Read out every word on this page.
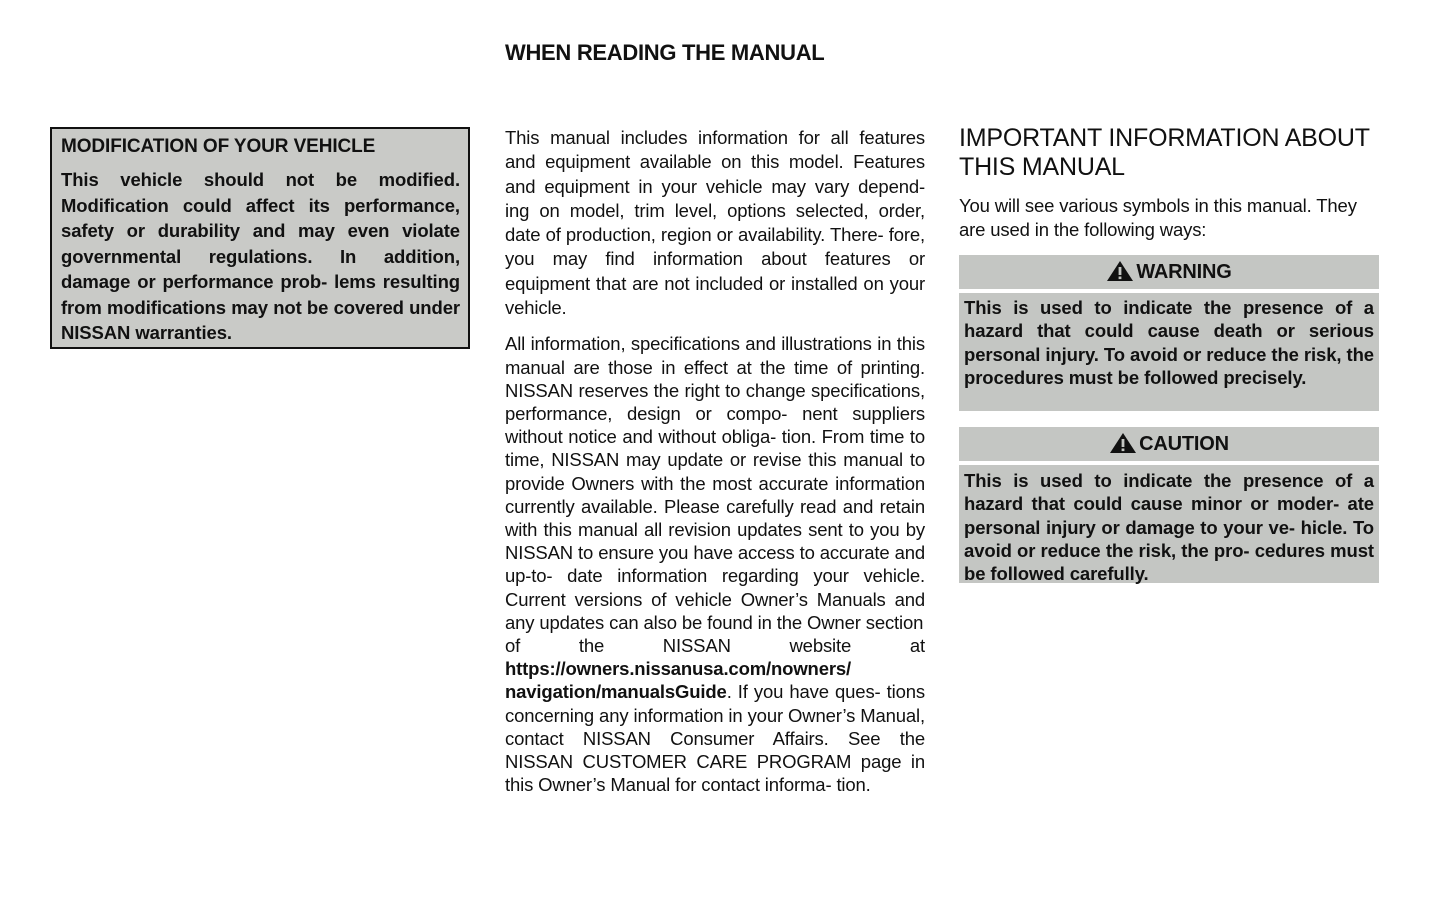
WHEN READING THE MANUAL
MODIFICATION OF YOUR VEHICLE

This vehicle should not be modified. Modification could affect its performance, safety or durability and may even violate governmental regulations. In addition, damage or performance prob- lems resulting from modifications may not be covered under NISSAN warranties.

This manual includes information for all features and equipment available on this model. Features and equipment in your vehicle may vary depend- ing on model, trim level, options selected, order, date of production, region or availability. There- fore, you may find information about features or equipment that are not included or installed on your vehicle.

All information, specifications and illustrations in this manual are those in effect at the time of printing. NISSAN reserves the right to change specifications, performance, design or compo- nent suppliers without notice and without obliga- tion. From time to time, NISSAN may update or revise this manual to provide Owners with the most accurate information currently available. Please carefully read and retain with this manual all revision updates sent to you by NISSAN to ensure you have access to accurate and up-to- date information regarding your vehicle. Current versions of vehicle Owner’s Manuals and any updates can also be found in the Owner section
of	the	NISSAN	website	at
https://owners.nissanusa.com/nowners/
navigation/manualsGuide. If you have ques- tions concerning any information in your Owner’s Manual, contact NISSAN Consumer Affairs. See the NISSAN CUSTOMER CARE PROGRAM page in this Owner’s Manual for contact informa- tion.

IMPORTANT INFORMATION ABOUT THIS MANUAL

You will see various symbols in this manual. They are used in the following ways:

WARNING
This is used to indicate the presence of a hazard that could cause death or serious personal injury. To avoid or reduce the risk, the procedures must be followed precisely.
CAUTION
This is used to indicate the presence of a hazard that could cause minor or moder- ate personal injury or damage to your ve- hicle. To avoid or reduce the risk, the pro- cedures must be followed carefully.
